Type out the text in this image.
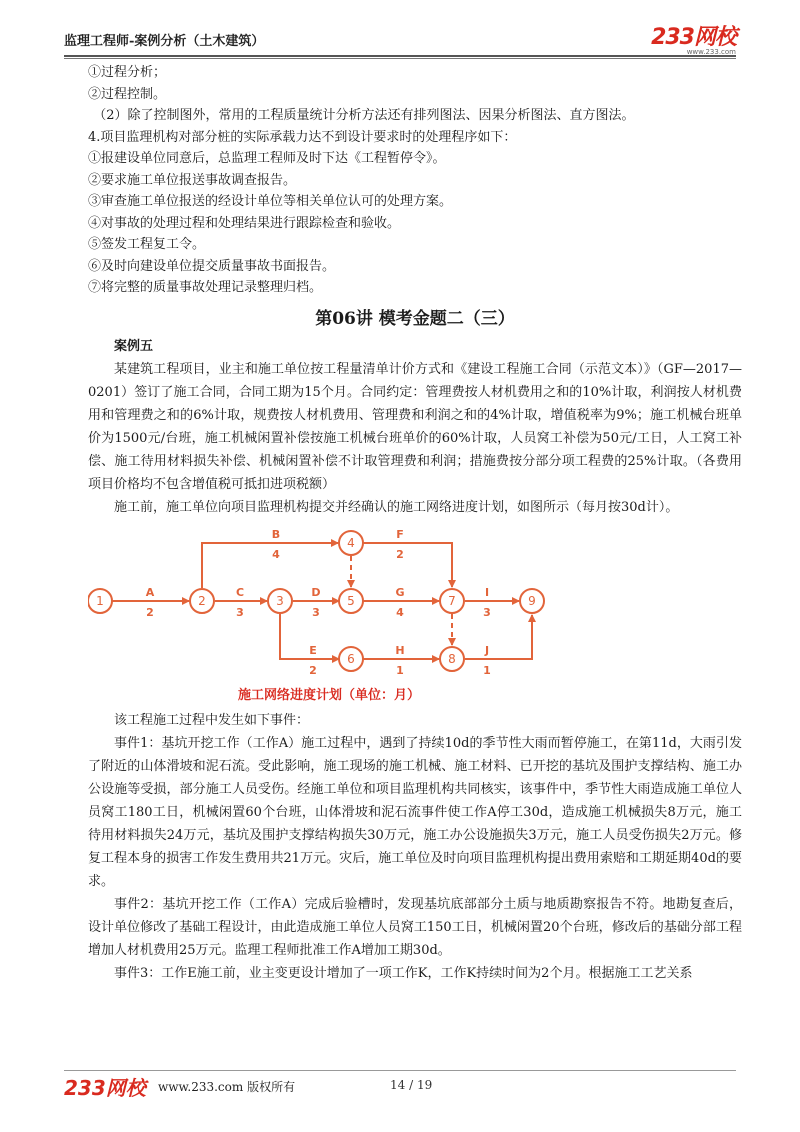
监理工程师-案例分析（土木建筑）	233网校
www.233.com
①过程分析；
②过程控制。
（2）除了控制图外，常用的工程质量统计分析方法还有排列图法、因果分析图法、直方图法。
4.项目监理机构对部分桩的实际承载力达不到设计要求时的处理程序如下：
①报建设单位同意后，总监理工程师及时下达《工程暂停令》。
②要求施工单位报送事故调查报告。
③审查施工单位报送的经设计单位等相关单位认可的处理方案。
④对事故的处理过程和处理结果进行跟踪检查和验收。
⑤签发工程复工令。
⑥及时向建设单位提交质量事故书面报告。
⑦将完整的质量事故处理记录整理归档。
第06讲 模考金题二（三）
案例五
某建筑工程项目，业主和施工单位按工程量清单计价方式和《建设工程施工合同（示范文本）》（GF—2017—0201）签订了施工合同，合同工期为15个月。合同约定：管理费按人材机费用之和的10%计取，利润按人材机费用和管理费之和的6%计取，规费按人材机费用、管理费和利润之和的4%计取，增值税率为9%；施工机械台班单价为1500元/台班，施工机械闲置补偿按施工机械台班单价的60%计取，人员窝工补偿为50元/工日，人工窝工补偿、施工待用材料损失补偿、机械闲置补偿不计取管理费和利润；措施费按分部分项工程费的25%计取。（各费用项目价格均不包含增值税可抵扣进项税额）
施工前，施工单位向项目监理机构提交并经确认的施工网络进度计划，如图所示（每月按30d计）。
1	2	3
4
5
6
7
8
9
A
2
B
4
C
3
D
3
E
2
F
2
G
4
H
1
I
3
J
1
施工网络进度计划（单位：月）
该工程施工过程中发生如下事件：
事件1：基坑开挖工作（工作A）施工过程中，遇到了持续10d的季节性大雨而暂停施工，在第11d，大雨引发了附近的山体滑坡和泥石流。受此影响，施工现场的施工机械、施工材料、已开挖的基坑及围护支撑结构、施工办公设施等受损，部分施工人员受伤。经施工单位和项目监理机构共同核实，该事件中，季节性大雨造成施工单位人员窝工180工日，机械闲置60个台班，山体滑坡和泥石流事件使工作A停工30d，造成施工机械损失8万元，施工待用材料损失24万元，基坑及围护支撑结构损失30万元，施工办公设施损失3万元，施工人员受伤损失2万元。修复工程本身的损害工作发生费用共21万元。灾后，施工单位及时向项目监理机构提出费用索赔和工期延期40d的要求。
事件2：基坑开挖工作（工作A）完成后验槽时，发现基坑底部部分土质与地质勘察报告不符。地勘复查后，设计单位修改了基础工程设计，由此造成施工单位人员窝工150工日，机械闲置20个台班，修改后的基础分部工程增加人材机费用25万元。监理工程师批准工作A增加工期30d。
事件3：工作E施工前，业主变更设计增加了一项工作K，工作K持续时间为2个月。根据施工工艺关系
233网校 www.233.com 版权所有	14 / 19
